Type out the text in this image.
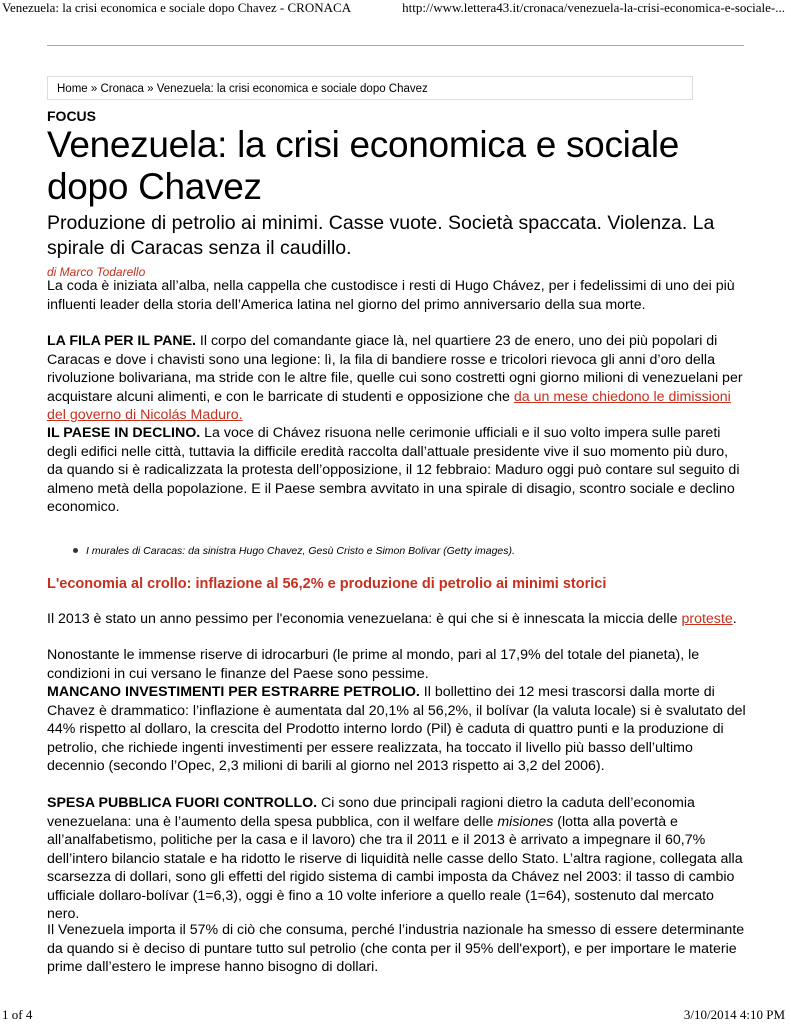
Venezuela: la crisi economica e sociale dopo Chavez - CRONACA	http://www.lettera43.it/cronaca/venezuela-la-crisi-economica-e-sociale-...
Home » Cronaca » Venezuela: la crisi economica e sociale dopo Chavez
FOCUS
Venezuela: la crisi economica e sociale dopo Chavez
Produzione di petrolio ai minimi. Casse vuote. Società spaccata. Violenza. La spirale di Caracas senza il caudillo.
di Marco Todarello
La coda è iniziata all’alba, nella cappella che custodisce i resti di Hugo Chávez, per i fedelissimi di uno dei più influenti leader della storia dell’America latina nel giorno del primo anniversario della sua morte.
LA FILA PER IL PANE. Il corpo del comandante giace là, nel quartiere 23 de enero, uno dei più popolari di Caracas e dove i chavisti sono una legione: lì, la fila di bandiere rosse e tricolori rievoca gli anni d’oro della rivoluzione bolivariana, ma stride con le altre file, quelle cui sono costretti ogni giorno milioni di venezuelani per acquistare alcuni alimenti, e con le barricate di studenti e opposizione che da un mese chiedono le dimissioni del governo di Nicolás Maduro.
IL PAESE IN DECLINO. La voce di Chávez risuona nelle cerimonie ufficiali e il suo volto impera sulle pareti degli edifici nelle città, tuttavia la difficile eredità raccolta dall’attuale presidente vive il suo momento più duro, da quando si è radicalizzata la protesta dell’opposizione, il 12 febbraio: Maduro oggi può contare sul seguito di almeno metà della popolazione. E il Paese sembra avvitato in una spirale di disagio, scontro sociale e declino economico.
I murales di Caracas: da sinistra Hugo Chavez, Gesù Cristo e Simon Bolivar (Getty images).
L'economia al crollo: inflazione al 56,2% e produzione di petrolio ai minimi storici
Il 2013 è stato un anno pessimo per l'economia venezuelana: è qui che si è innescata la miccia delle proteste.
Nonostante le immense riserve di idrocarburi (le prime al mondo, pari al 17,9% del totale del pianeta), le condizioni in cui versano le finanze del Paese sono pessime.
MANCANO INVESTIMENTI PER ESTRARRE PETROLIO. Il bollettino dei 12 mesi trascorsi dalla morte di Chavez è drammatico: l’inflazione è aumentata dal 20,1% al 56,2%, il bolívar (la valuta locale) si è svalutato del 44% rispetto al dollaro, la crescita del Prodotto interno lordo (Pil) è caduta di quattro punti e la produzione di petrolio, che richiede ingenti investimenti per essere realizzata, ha toccato il livello più basso dell’ultimo decennio (secondo l’Opec, 2,3 milioni di barili al giorno nel 2013 rispetto ai 3,2 del 2006).
SPESA PUBBLICA FUORI CONTROLLO. Ci sono due principali ragioni dietro la caduta dell’economia venezuelana: una è l’aumento della spesa pubblica, con il welfare delle misiones (lotta alla povertà e all’analfabetismo, politiche per la casa e il lavoro) che tra il 2011 e il 2013 è arrivato a impegnare il 60,7% dell’intero bilancio statale e ha ridotto le riserve di liquidità nelle casse dello Stato. L’altra ragione, collegata alla scarsezza di dollari, sono gli effetti del rigido sistema di cambi imposta da Chávez nel 2003: il tasso di cambio ufficiale dollaro-bolívar (1=6,3), oggi è fino a 10 volte inferiore a quello reale (1=64), sostenuto dal mercato nero.
Il Venezuela importa il 57% di ciò che consuma, perché l’industria nazionale ha smesso di essere determinante da quando si è deciso di puntare tutto sul petrolio (che conta per il 95% dell'export), e per importare le materie prime dall’estero le imprese hanno bisogno di dollari.
1 of 4	3/10/2014 4:10 PM
